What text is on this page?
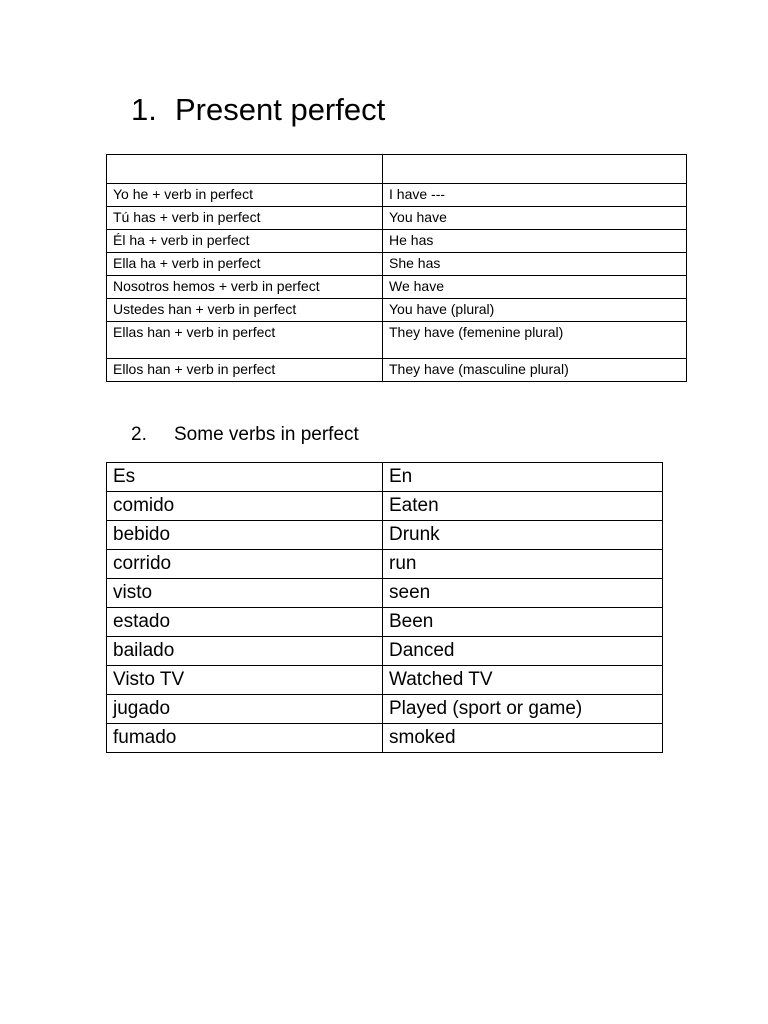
1. Present perfect

Yo he + verb in perfect	I have ---
Tú has + verb in perfect	You have
Él ha + verb in perfect	He has
Ella ha + verb in perfect	She has
Nosotros hemos + verb in perfect	We have
Ustedes han + verb in perfect	You have (plural)
Ellas han + verb in perfect	They have (femenine plural)
Ellos han + verb in perfect	They have (masculine plural)
2. Some verbs in perfect
Es	En
comido	Eaten
bebido	Drunk
corrido	run
visto	seen
estado	Been
bailado	Danced
Visto TV	Watched TV
jugado	Played (sport or game)
fumado	smoked
